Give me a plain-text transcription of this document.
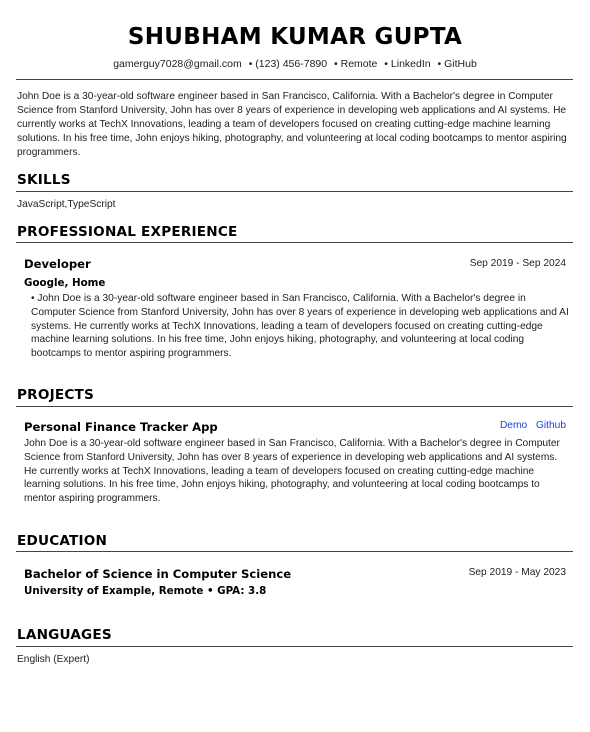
SHUBHAM KUMAR GUPTA
gamerguy7028@gmail.com • (123) 456-7890 • Remote • LinkedIn • GitHub
John Doe is a 30-year-old software engineer based in San Francisco, California. With a Bachelor's degree in Computer Science from Stanford University, John has over 8 years of experience in developing web applications and AI systems. He currently works at TechX Innovations, leading a team of developers focused on creating cutting-edge machine learning solutions. In his free time, John enjoys hiking, photography, and volunteering at local coding bootcamps to mentor aspiring programmers.
SKILLS
JavaScript,TypeScript
PROFESSIONAL EXPERIENCE
Developer	Sep 2019 - Sep 2024
Google, Home
• John Doe is a 30-year-old software engineer based in San Francisco, California. With a Bachelor's degree in Computer Science from Stanford University, John has over 8 years of experience in developing web applications and AI systems. He currently works at TechX Innovations, leading a team of developers focused on creating cutting-edge machine learning solutions. In his free time, John enjoys hiking, photography, and volunteering at local coding bootcamps to mentor aspiring programmers.
PROJECTS
Personal Finance Tracker App	Demo Github
John Doe is a 30-year-old software engineer based in San Francisco, California. With a Bachelor's degree in Computer Science from Stanford University, John has over 8 years of experience in developing web applications and AI systems. He currently works at TechX Innovations, leading a team of developers focused on creating cutting-edge machine learning solutions. In his free time, John enjoys hiking, photography, and volunteering at local coding bootcamps to mentor aspiring programmers.
EDUCATION
Bachelor of Science in Computer Science	Sep 2019 - May 2023
University of Example, Remote • GPA: 3.8
LANGUAGES
English (Expert)
